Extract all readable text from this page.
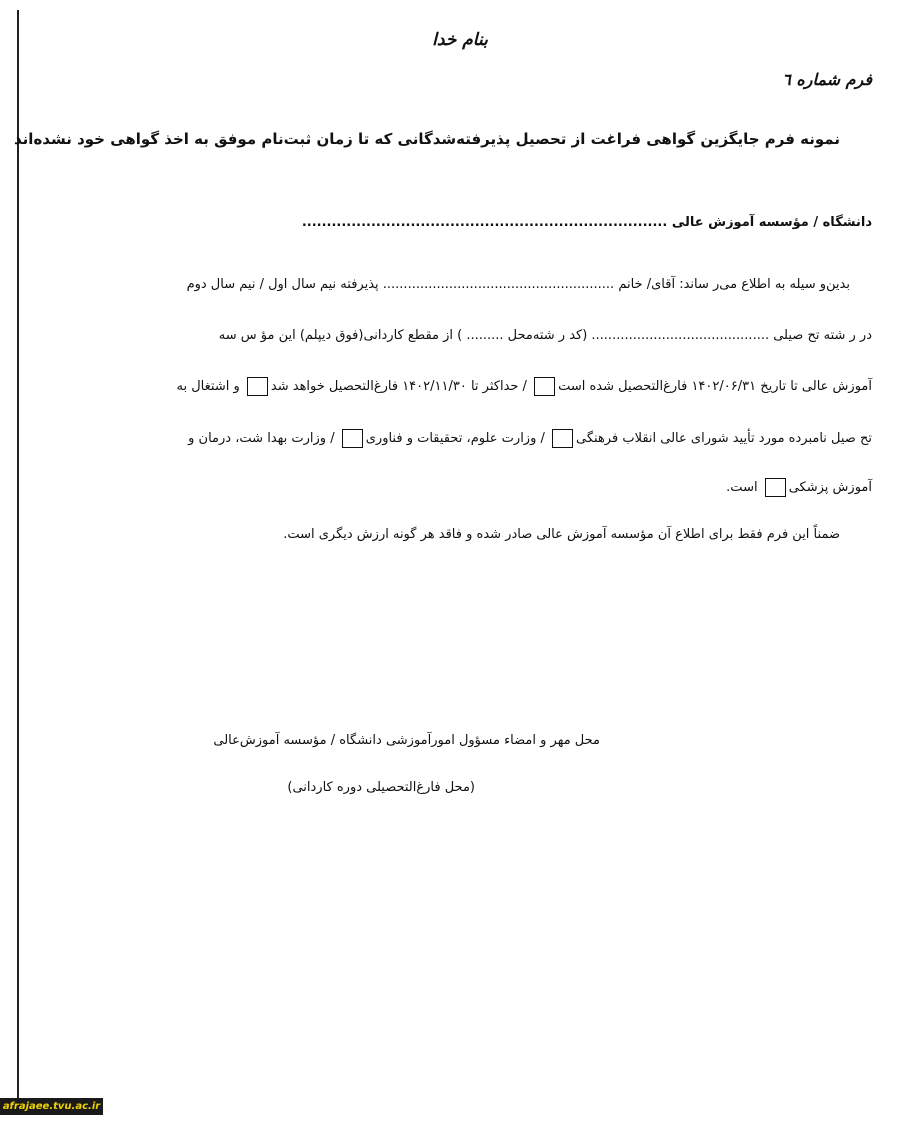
بنام خدا
فرم شماره ٦
نمونه فرم جایگزین گواهی فراغت از تحصیل پذیرفته‌شدگانی که تا زمان ثبت‌نام موفق به اخذ گواهی خود نشده‌اند
دانشگاه / مؤسسه آموزش عالی ..........................................................................
بدین‌و سیله به اطلاع می‌ر ساند: آقای/ خانم ........................................................ پذیرفته نیم سال اول / نیم سال دوم
در ر شته تح صیلی ........................................... (کد ر شته‌محل ......... ) از مقطع کاردانی(فوق دیپلم) این مؤ س سه
آموزش عالی تا تاریخ ۱۴۰۲/۰۶/۳۱ فارغ‌التحصیل شده است / حداکثر تا ۱۴۰۲/۱۱/۳۰ فارغ‌التحصیل خواهد شد و اشتغال به
تح صیل نامبرده مورد تأیید شورای عالی انقلاب فرهنگی / وزارت علوم، تحقیقات و فناوری / وزارت بهدا شت، درمان و
آموزش پزشکی است.
ضمناً این فرم فقط برای اطلاع آن مؤسسه آموزش عالی صادر شده و فاقد هر گونه ارزش دیگری است.
محل مهر و امضاء مسؤول امورآموزشی دانشگاه / مؤسسه آموزش‌عالی
(محل فارغ‌التحصیلی دوره کاردانی)
afrajaee.tvu.ac.ir
